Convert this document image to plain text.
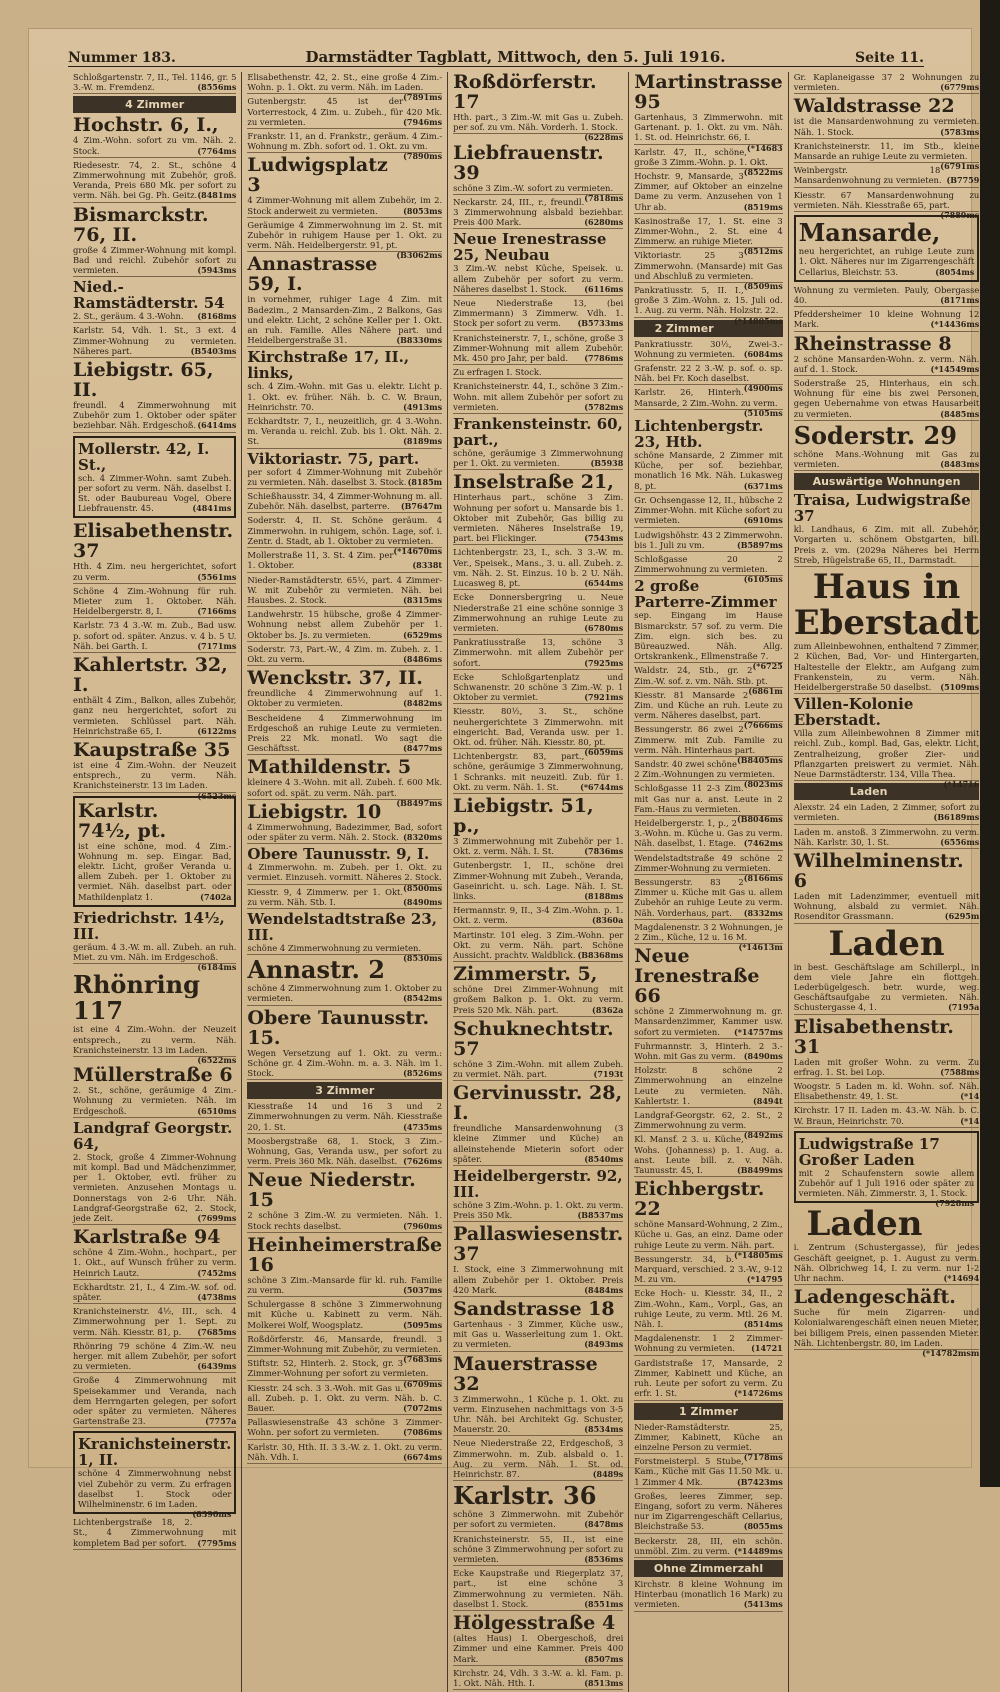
Nummer 183.	Darmstädter Tagblatt, Mittwoch, den 5. Juli 1916.	Seite 11.
Schloßgartenstr. 7, II., Tel. 1146, gr. 5 3.-W. m. Fremdenz.	(8556ms
4 Zimmer
Hochstr. 6, I.,
4 Zim.-Wohn. sofort zu vm. Näh. 2. Stock.	(7764ms
Riedesestr. 74, 2. St., schöne 4 Zimmerwohnung mit Zubehör, groß. Veranda, Preis 680 Mk. per sofort zu verm. Näh. bei Gg. Ph. Geitz. (8481ms
Bismarckstr. 76, II.
große 4 Zimmer-Wohnung mit kompl. Bad und reichl. Zubehör sofort zu vermieten.	(5943ms
Nied.-Ramstädterstr. 54
2. St., geräum. 4 3.-Wohn. (8168ms
Karlstr. 54, Vdh. 1. St., 3 ext. 4 Zimmer-Wohnung zu vermieten. Näheres part.	(B5403ms
Liebigstr. 65, II.
freundl. 4 Zimmerwohnung mit Zubehör zum 1. Oktober oder später beziehbar. Näh. Erdgeschoß. (6414ms
Mollerstr. 42, I. St.,
sch. 4 Zimmer-Wohn. samt Zubeh. per sofort zu verm. Näh. daselbst I. St. oder Baubureau Vogel, Obere Liebfrauenstr. 45.	(4841ms
Elisabethenstr. 37
Hth. 4 Zim. neu hergerichtet, sofort zu verm.	(5561ms
Schöne 4 Zim.-Wohnung für ruh. Mieter zum 1. Oktober. Näh. Heidelbergerstr. 8, I.	(7166ms
Karlstr. 73 4 3.-W. m. Zub., Bad usw. p. sofort od. später. Anzus. v. 4 b. 5 U. Näh. bei Garth. I.	(7171ms
Kahlertstr. 32, I.
enthält 4 Zim., Balkon, alles Zubehör, ganz neu hergerichtet, sofort zu vermieten. Schlüssel part. Näh. Heinrichstraße 65, I.	(6122ms
Kaupstraße 35
ist eine 4 Zim.-Wohn. der Neuzeit entsprech., zu verm. Näh. Kranichsteinerstr. 13 im Laden.
(6523ms
Karlstr. 74½, pt.
ist eine schöne, mod. 4 Zim.-Wohnung m. sep. Eingar. Bad, elektr. Licht, großer Veranda u. allem Zubeh. per 1. Oktober zu vermiet. Näh. daselbst part. oder Mathildenplatz 1.	(7402a
Friedrichstr. 14½, III.
geräum. 4 3.-W. m. all. Zubeh. an ruh. Miet. zu vm. Näh. im Erdgeschoß.
(6184ms
Rhönring 117
ist eine 4 Zim.-Wohn. der Neuzeit entsprech., zu verm. Näh. Kranichsteinerstr. 13 im Laden.
(6522ms
Müllerstraße 6
2. St., schöne, geräumige 4 Zim.-Wohnung zu vermieten. Näh. im Erdgeschoß.	(6510ms
Landgraf Georgstr. 64,
2. Stock, große 4 Zimmer-Wohnung mit kompl. Bad und Mädchenzimmer, per 1. Oktober, evtl. früher zu vermieten. Anzusehen Montags u. Donnerstags von 2-6 Uhr. Näh. Landgraf-Georgstraße 62, 2. Stock, jede Zeit.	(7699ms
Karlstraße 94
schöne 4 Zim.-Wohn., hochpart., per 1. Okt., auf Wunsch früher zu verm. Heinrich Lautz.	(7452ms
Eckhardtstr. 21, I., 4 Zim.-W. sof. od. später.	(4738ms
Kranichsteinerstr. 4½, III., sch. 4 Zimmerwohnung per 1. Sept. zu verm. Näh. Kiesstr. 81, p. (7685ms
Rhönring 79 schöne 4 Zim.-W. neu herger. mit allem Zubehör, per sofort zu vermieten.	(6439ms
Große 4 Zimmerwohnung mit Speisekammer und Veranda, nach dem Herrngarten gelegen, per sofort oder später zu vermieten. Näheres Gartenstraße 23.	(7757a
Kranichsteinerstr. 1, II.
schöne 4 Zimmerwohnung nebst viel Zubehör zu verm. Zu erfragen daselbst 1. Stock oder Wilhelminenstr. 6 im Laden.
(8390ms
Lichtenbergstraße 18, 2. St., 4 Zimmerwohnung mit kompletem Bad per sofort. (7795ms
Elisabethenstr. 42, 2. St., eine große 4 Zim.-Wohn. p. 1. Okt. zu verm. Näh. im Laden.
(7891ms
Gutenbergstr. 45 ist der Vorterrestock, 4 Zim. u. Zubeh., für 420 Mk. zu vermieten.	(7946ms
Frankstr. 11, an d. Frankstr., geräum. 4 Zim.-Wohnung m. Zbh. sofort od. 1. Okt. zu vm.
(7890ms
Ludwigsplatz 3
4 Zimmer-Wohnung mit allem Zubehör, im 2. Stock anderweit zu vermieten.	(8053ms
Geräumige 4 Zimmerwohnung im 2. St. mit Zubehör in ruhigem Hause per 1. Okt. zu verm. Näh. Heidelbergerstr. 91, pt.
(B3062ms
Annastrasse 59, I.
in vornehmer, ruhiger Lage 4 Zim. mit Badezim., 2 Mansarden-Zim., 2 Balkons, Gas und elektr. Licht, 2 schöne Keller per 1. Okt. an ruh. Familie. Alles Nähere part. und Heidelbergerstraße 31.	(B8330ms
Kirchstraße 17, II., links,
sch. 4 Zim.-Wohn. mit Gas u. elektr. Licht p. 1. Okt. ev. früher. Näh. b. C. W. Braun, Heinrichstr. 70.	(4913ms
Eckhardtstr. 7, I., neuzeitlich, gr. 4 3.-Wohn. m. Veranda u. reichl. Zub. bis 1. Okt. Näh. 2. St.	(8189ms
Viktoriastr. 75, part.
per sofort 4 Zimmer-Wohnung mit Zubehör zu vermieten. Näh. daselbst 3. Stock. (8185m
Schießhausstr. 34, 4 Zimmer-Wohnung m. all. Zubehör. Näh. daselbst, parterre. (B7647m
Soderstr. 4, II. St. Schöne geräum. 4 Zimmerwohn. in ruhigem, schön. Lage, sof. i. Zentr. d. Stadt, ab 1. Oktober zu vermieten.
(*14670ms
Mollerstraße 11, 3. St. 4 Zim. per 1. Oktober.	(8338t
Nieder-Ramstädterstr. 65½, part. 4 Zimmer-W. mit Zubehör zu vermieten. Näh. bei Hausbes. 2. Stock.	(8315ms
Landwehrstr. 15 hübsche, große 4 Zimmer-Wohnung nebst allem Zubehör per 1. Oktober bs. Js. zu vermieten.	(6529ms
Soderstr. 73, Part.-W., 4 Zim. m. Zubeh. z. 1. Okt. zu verm.	(8486ms
Wenckstr. 37, II.
freundliche 4 Zimmerwohnung auf 1. Oktober zu vermieten.	(8482ms
Bescheidene 4 Zimmerwohnung im Erdgeschoß an ruhige Leute zu vermieten. Preis 22 Mk. monatl. Wo sagt die Geschäftsst.	(8477ms
Mathildenstr. 5
kleinere 4 3.-Wohn. mit all. Zubeh. f. 600 Mk. sofort od. spät. zu verm. Näh. part.
(B8497ms
Liebigstr. 10
4 Zimmerwohnung, Badezimmer, Bad, sofort oder später zu verm. Näh. 2. Stock. (8320ms
Obere Taunusstr. 9, I.
4 Zimmerwohn. m. Zubeh. per 1. Okt. zu vermiet. Einzuseh. vormitt. Näheres 2. Stock.
(8500ms
Kiesstr. 9, 4 Zimmerw. per 1. Okt. zu verm. Näh. Stb. I.	(8490ms
Wendelstadtstraße 23, III.
schöne 4 Zimmerwohnung zu vermieten.
(8530ms
Annastr. 2
schöne 4 Zimmerwohnung zum 1. Oktober zu vermieten.	(8542ms
Obere Taunusstr. 15.
Wegen Versetzung auf 1. Okt. zu verm.: Schöne gr. 4 Zim.-Wohn. m. a. 3. Näh. im 1. Stock.	(8526ms
3 Zimmer
Kiesstraße 14 und 16 3 und 2 Zimmerwohnungen zu verm. Näh. Kiesstraße 20, 1. St.	(4735ms
Moosbergstraße 68, 1. Stock, 3 Zim.-Wohnung, Gas, Veranda usw., per sofort zu verm. Preis 360 Mk. Näh. daselbst. (7626ms
Neue Niederstr. 15
2 schöne 3 Zim.-W. zu vermieten. Näh. 1. Stock rechts daselbst.	(7960ms
Heinheimerstraße 16
schöne 3 Zim.-Mansarde für kl. ruh. Familie zu verm.	(5037ms
Schulergasse 8 schöne 3 Zimmerwohnung mit Küche u. Kabinett zu verm. Näh. Molkerei Wolf, Woogsplatz.	(5095ms
Roßdörferstr. 46, Mansarde, freundl. 3 Zimmer-Wohnung mit Zubehör, zu vermieten.
(7683ms
Stiftstr. 52, Hinterh. 2. Stock, gr. 3 Zimmer-Wohnung per sofort zu vermieten.
(6709ms
Kiesstr. 24 sch. 3 3.-Woh. mit Gas u. all. Zubeh. p. 1. Okt. zu verm. Näh. b. C. Bauer.	(7072ms
Pallaswiesenstraße 43 schöne 3 Zimmer-Wohn. per sofort zu vermieten.	(7086ms
Karlstr. 30, Hth. II. 3 3.-W. z. 1. Okt. zu verm. Näh. Vdh. I.	(6674ms
Roßdörferstr. 17
Hth. part., 3 Zim.-W. mit Gas u. Zubeh. per sof. zu vm. Näh. Vorderh. 1. Stock.
(6228ms
Liebfrauenstr. 39
schöne 3 Zim.-W. sofort zu vermieten.
(7818ms
Neckarstr. 24, III., r., freundl. 3 Zimmerwohnung alsbald beziehbar. Preis 400 Mark.	(6280ms
Neue Irenestrasse 25, Neubau
3 Zim.-W. nebst Küche, Speisek. u. allem Zubehör per sofort zu verm. Näheres daselbst 1. Stock. (6116ms
Neue Niederstraße 13, (bei Zimmermann) 3 Zimmerw. Vdh. 1. Stock per sofort zu verm. (B5733ms
Kranichsteinerstr. 7, I., schöne, große 3 Zimmer-Wohnung mit allem Zubehör. Mk. 450 pro Jahr, per bald. (7786ms
Zu erfragen I. Stock.
Kranichsteinerstr. 44, I., schöne 3 Zim.-Wohn. mit allem Zubehör per sofort zu vermieten.	(5782ms
Frankensteinstr. 60, part.,
schöne, geräumige 3 Zimmerwohnung per 1. Okt. zu vermieten.	(B5938
Inselstraße 21,
Hinterhaus part., schöne 3 Zim. Wohnung per sofort u. Mansarde bis 1. Oktober mit Zubehör, Gas billig zu vermieten. Näheres Inselstraße 19, part. bei Flickinger.	(7543ms
Lichtenbergstr. 23, I., sch. 3 3.-W. m. Ver., Speisek., Mans., 3. u. all. Zubeh. z. vm. Näh. 2. St. Einzus. 10 b. 2 U. Näh. Lucasweg 8, pt.	(6544ms
Ecke Donnersbergring u. Neue Niederstraße 21 eine schöne sonnige 3 Zimmerwohnung an ruhige Leute zu vermieten.	(6780ms
Pankratiusstraße 13, schöne 3 Zimmerwohn. mit allem Zubehör per sofort.	(7925ms
Ecke Schloßgartenplatz und Schwanenstr. 20 schöne 3 Zim.-W. p. 1 Oktober zu vermiet.	(7921ms
Kiesstr. 80½, 3. St., schöne neuhergerichtete 3 Zimmerwohn. mit eingericht. Bad, Veranda usw. per 1. Okt. od. früher. Näh. Kiesstr. 80, pt.
(6059ms
Lichtenbergstr. 83, part., schöne, geräumige 3 Zimmerwohnung, 1 Schranks. mit neuzeitl. Zub. für 1. Okt. zu verm. Näh. 1. St.	(*6744ms
Liebigstr. 51, p.,
3 Zimmerwohnung mit Zubehör per 1. Okt. z. verm. Näh. I. St.	(7836ms
Gutenbergstr. 1, II., schöne drei Zimmer-Wohnung mit Zubeh., Veranda, Gaseinricht. u. sch. Lage. Näh. I. St. links.	(8188ms
Hermannstr. 9, II., 3-4 Zim.-Wohn. p. 1. Okt. z. verm.	(8360a
Martinstr. 101 eleg. 3 Zim.-Wohn. per Okt. zu verm. Näh. part. Schöne Aussicht. prachtv. Waldblick. (B8368ms
Zimmerstr. 5,
schöne Drei Zimmer-Wohnung mit großem Balkon p. 1. Okt. zu verm. Preis 520 Mk. Näh. part.	(8362a
Schuknechtstr. 57
schöne 3 Zim.-Wohn. mit allem Zubeh. zu vermiet. Näh. part.	(7193t
Gervinusstr. 28, I.
freundliche Mansardenwohnung (3 kleine Zimmer und Küche) an alleinstehende Mieterin sofort oder später.	(8540ms
Heidelbergerstr. 92, III.
schöne 3 Zim.-Wohn. p. 1. Okt. zu verm. Preis 350 Mk.	(B8537ms
Pallaswiesenstr. 37
I. Stock, eine 3 Zimmerwohnung mit allem Zubehör per 1. Oktober. Preis 420 Mark.	(8484ms
Sandstrasse 18
Gartenhaus - 3 Zimmer, Küche usw., mit Gas u. Wasserleitung zum 1. Okt. zu vermieten.	(8493ms
Mauerstrasse 32
3 Zimmerwohn., 1 Küche p. 1. Okt. zu verm. Einzusehen nachmittags von 3-5 Uhr. Näh. bei Architekt Gg. Schuster, Mauerstr. 20.	(8534ms
Neue Niederstraße 22, Erdgeschoß, 3 Zimmerwohn. m. Zub. alsbald o. 1. Aug. zu verm. Näh. 1. St. od. Heinrichstr. 87.	(8489s
Karlstr. 36
schöne 3 Zimmerwohn. mit Zubehör per sofort zu vermieten.	(8478ms
Kranichsteinerstr. 55, II., ist eine schöne 3 Zimmerwohnung per sofort zu vermieten.	(8536ms
Ecke Kaupstraße und Riegerplatz 37, part., ist eine schöne 3 Zimmerwohnung zu vermieten. Näh. daselbst 1. Stock.	(8551ms
Hölgesstraße 4
(altes Haus) I. Obergeschoß, drei Zimmer und eine Kammer. Preis 400 Mark.	(8507ms
Kirchstr. 24, Vdh. 3 3.-W. a. kl. Fam. p. 1. Okt. Näh. Hth. I.	(8513ms
Martinstrasse 95
Gartenhaus, 3 Zimmerwohn. mit Gartenant. p. 1. Okt. zu vm. Näh. 1. St. od. Heinrichstr. 66, I.
(*14683
Karlstr. 47, II., schöne, große 3 Zimm.-Wohn. p. 1. Okt.
(8522ms
Hochstr. 9, Mansarde, 3 Zimmer, auf Oktober an einzelne Dame zu verm. Anzusehen von 1 Uhr ab.	(8519ms
Kasinostraße 17, 1. St. eine 3 Zimmer-Wohn., 2. St. eine 4 Zimmerw. an ruhige Mieter.
(8512ms
Viktoriastr. 25 3 Zimmerwohn. (Mansarde) mit Gas und Abschluß zu vermieten.
(8509ms
Pankratiusstr. 5, II. I., große 3 Zim.-Wohn. z. 15. Juli od. 1. Aug. zu verm. Näh. Holzstr. 22.
(*14805ms
2 Zimmer
Pankratiusstr. 30½, Zwei-3.-Wohnung zu vermieten. (6084ms
Grafenstr. 22 2 3.-W. p. sof. o. sp. Näh. bei Fr. Koch daselbst.
(4900ms
Karlstr. 26, Hinterh. Mansarde, 2 Zim.-Wohn. zu verm.
(5105ms
Lichtenbergstr. 23, Htb.
schöne Mansarde, 2 Zimmer mit Küche, per sof. beziehbar, monatlich 16 Mk. Näh. Lukasweg 8, pt.	(6371ms
Gr. Ochsengasse 12, II., hübsche 2 Zimmer-Wohn. mit Küche sofort zu vermieten.	(6910ms
Ludwigshöhstr. 43 2 Zimmerwohn. bis 1. Juli zu vm.	(B5897ms
Schloßgasse 20 2 Zimmerwohnung zu vermieten.
(6105ms
2 große Parterre-Zimmer
sep. Eingang im Hause Bismarckstr. 57 sof. zu verm. Die Zim. eign. sich bes. zu Büreauzwed. Näh. Allg. Ortskrankenk., Ellmenstraße 7.
(*6725
Waldstr. 24, Stb., gr. 2 Zim.-W. sof. z. vm. Näh. Stb. pt.
(6861m
Kiesstr. 81 Mansarde 2 Zim. und Küche an ruh. Leute zu verm. Näheres daselbst, part.
(7666ms
Bessungerstr. 86 zwei 2 Zimmerw. mit Zub. Familie zu verm. Näh. Hinterhaus part.
(B8405ms
Sandstr. 40 zwei schöne 2 Zim.-Wohnungen zu vermieten.
(8023ms
Schloßgasse 11 2-3 Zim. mit Gas nur a. anst. Leute in 2 Fam.-Haus zu vermieten.
(B8046ms
Heidelbergerstr. 1, p., 2 3.-Wohn. m. Küche u. Gas zu verm. Näh. daselbst, 1. Etage. (7462ms
Wendelstadtstraße 49 schöne 2 Zimmer-Wohnung zu vermieten.
(8166ms
Bessungerstr. 83 2 Zimmer u. Küche mit Gas u. allem Zubehör an ruhige Leute zu verm. Näh. Vorderhaus, part. (8332ms
Magdalenenstr. 3 2 Wohnungen, je 2 Zim., Küche, 12 u. 16 M.
(*14613m
Neue Irenestraße 66
schöne 2 Zimmerwohnung m. gr. Mansardenzimmer, Kammer usw. sofort zu vermieten. (*14757ms
Fuhrmannstr. 3, Hinterh. 2 3.-Wohn. mit Gas zu verm. (8490ms
Holzstr. 8 schöne 2 Zimmerwohnung an einzelne Leute zu vermieten. Näh. Kahlertstr. 1.	(8494t
Landgraf-Georgstr. 62, 2. St., 2 Zimmerwohnung zu verm.
(8492ms
Kl. Mansf. 2 3. u. Küche, Wohs. (Johanness) p. 1. Aug. a. anst. Leute bill. z. v. Näh. Taunusstr. 45, I.	(B8499ms
Eichbergstr. 22
schöne Mansard-Wohnung, 2 Zim., Küche u. Gas, an einz. Dame oder ruhige Leute zu verm. Näh. part.
(*14805ms
Bessungerstr. 34, b. Marquard, verschied. 2 3.-W., 9-12 M. zu vm.	(*14795
Ecke Hoch- u. Kiesstr. 34, II., 2 Zim.-Wohn., Kam., Vorpl., Gas, an ruhige Leute, zu verm. Mtl. 26 M. Näh. I.	(8514ms
Magdalenenstr. 1 2 Zimmer-Wohnung zu vermieten. (14721
Gardiststraße 17, Mansarde, 2 Zimmer, Kabinett und Küche, an ruh. Leute per sofort zu verm. Zu erfr. 1. St.	(*14726ms
1 Zimmer
Nieder-Ramstädterstr. 25, Zimmer, Kabinett, Küche an einzelne Person zu vermiet.
(7178ms
Forstmeisterpl. 5 Stube, Kam., Küche mit Gas 11.50 Mk. u. 1 Zimmer 4 Mk.	(B7423ms
Großes, leeres Zimmer, sep. Eingang, sofort zu verm. Näheres nur im Zigarrengeschäft Cellarius, Bleichstraße 53.	(8055ms
Beckerstr. 28, III, ein schön. unmöbl. Zim. zu verm. (*14489ms
Ohne Zimmerzahl
Kirchstr. 8 kleine Wohnung im Hinterbau (monatlich 16 Mark) zu vermieten.	(5413ms
Gr. Kaplaneigasse 37 2 Wohnungen zu vermieten.	(6779ms
Waldstrasse 22
ist die Mansardenwohnung zu vermieten. Näh. 1. Stock.	(5783ms
Kranichsteinerstr. 11, im Stb., kleine Mansarde an ruhige Leute zu vermieten.
(6791ms
Weinbergstr. 18 Mansardenwohnung zu vermieten. (B7759
Kiesstr. 67 Mansardenwohnung zu vermieten. Näh. Kiesstraße 65, part.
(7889ms
Mansarde,
neu hergerichtet, an ruhige Leute zum 1. Okt. Näheres nur im Zigarrengeschäft Cellarius, Bleichstr. 53.	(8054ms
Wohnung zu vermieten. Pauly, Obergasse 40.	(8171ms
Pfeddersheimer 10 kleine Wohnung 12 Mark.	(*14436ms
Rheinstrasse 8
2 schöne Mansarden-Wohn. z. verm. Näh. auf d. 1. Stock.	(*14549ms
Soderstraße 25, Hinterhaus, ein sch. Wohnung für eine bis zwei Personen, gegen Uebernahme von etwas Hausarbeit zu vermieten.	(8485ms
Soderstr. 29
schöne Mans.-Wohnung mit Gas zu vermieten.	(8483ms
Auswärtige Wohnungen
Traisa, Ludwigstraße 37
kl. Landhaus, 6 Zim. mit all. Zubehör, Vorgarten u. schönem Obstgarten, bill. Preis z. vm. (2029a Näheres bei Herrn Streb, Hügelstraße 65, II., Darmstadt.
Haus in Eberstadt
zum Alleinbewohnen, enthaltend 7 Zimmer, 2 Küchen, Bad, Vor- und Hintergarten, Haltestelle der Elektr., am Aufgang zum Frankenstein, zu verm. Näh. Heidelbergerstraße 50 daselbst. (5109ms
Villen-Kolonie Eberstadt.
Villa zum Alleinbewohnen 8 Zimmer mit reichl. Zub., kompl. Bad, Gas, elektr. Licht, Zentralheizung, großer Zier- und Pflanzgarten preiswert zu vermiet. Näh. Neue Darmstädterstr. 134, Villa Thea.
(*14716
Laden
Alexstr. 24 ein Laden, 2 Zimmer, sofort zu vermieten.	(B6189ms
Laden m. anstoß. 3 Zimmerwohn. zu verm. Näh. Karlstr. 30, 1. St.	(6556ms
Wilhelminenstr. 6
Laden mit Ladenzimmer, eventuell mit Wohnung, alsbald zu vermiet. Näh. Rosenditor Grassmann.	(6295m
Laden
in best. Geschäftslage am Schillerpl., in dem viele Jahre ein flottgeh. Lederbügelgesch. betr. wurde, weg. Geschäftsaufgabe zu vermieten. Näh. Schustergasse 4, 1.	(7195a
Elisabethenstr. 31
Laden mit großer Wohn. zu verm. Zu erfrag. 1. St. bei Lop.	(7588ms
Woogstr. 5 Laden m. kl. Wohn. sof. Näh. Elisabethenstr. 49, 1. St.	(*14
Kirchstr. 17 II. Laden m. 43.-W. Näh. b. C. W. Braun, Heinrichstr. 70.	(*14
Ludwigstraße 17 Großer Laden
mit 2 Schaufenstern sowie allem Zubehör auf 1 Juli 1916 oder später zu vermieten. Näh. Zimmerstr. 3, 1. Stock.
(7928ms
Laden
i. Zentrum (Schustergasse), für jedes Geschäft geeignet, p. 1. August zu verm. Näh. Olbrichweg 14, I. zu verm. nur 1-2 Uhr nachm.	(*14694
Ladengeschäft.
Suche für mein Zigarren- und Kolonialwarengeschäft einen neuen Mieter, bei billigem Preis, einen passenden Mieter. Näh. Lichtenbergstr. 80, im Laden.
(*14782msm
